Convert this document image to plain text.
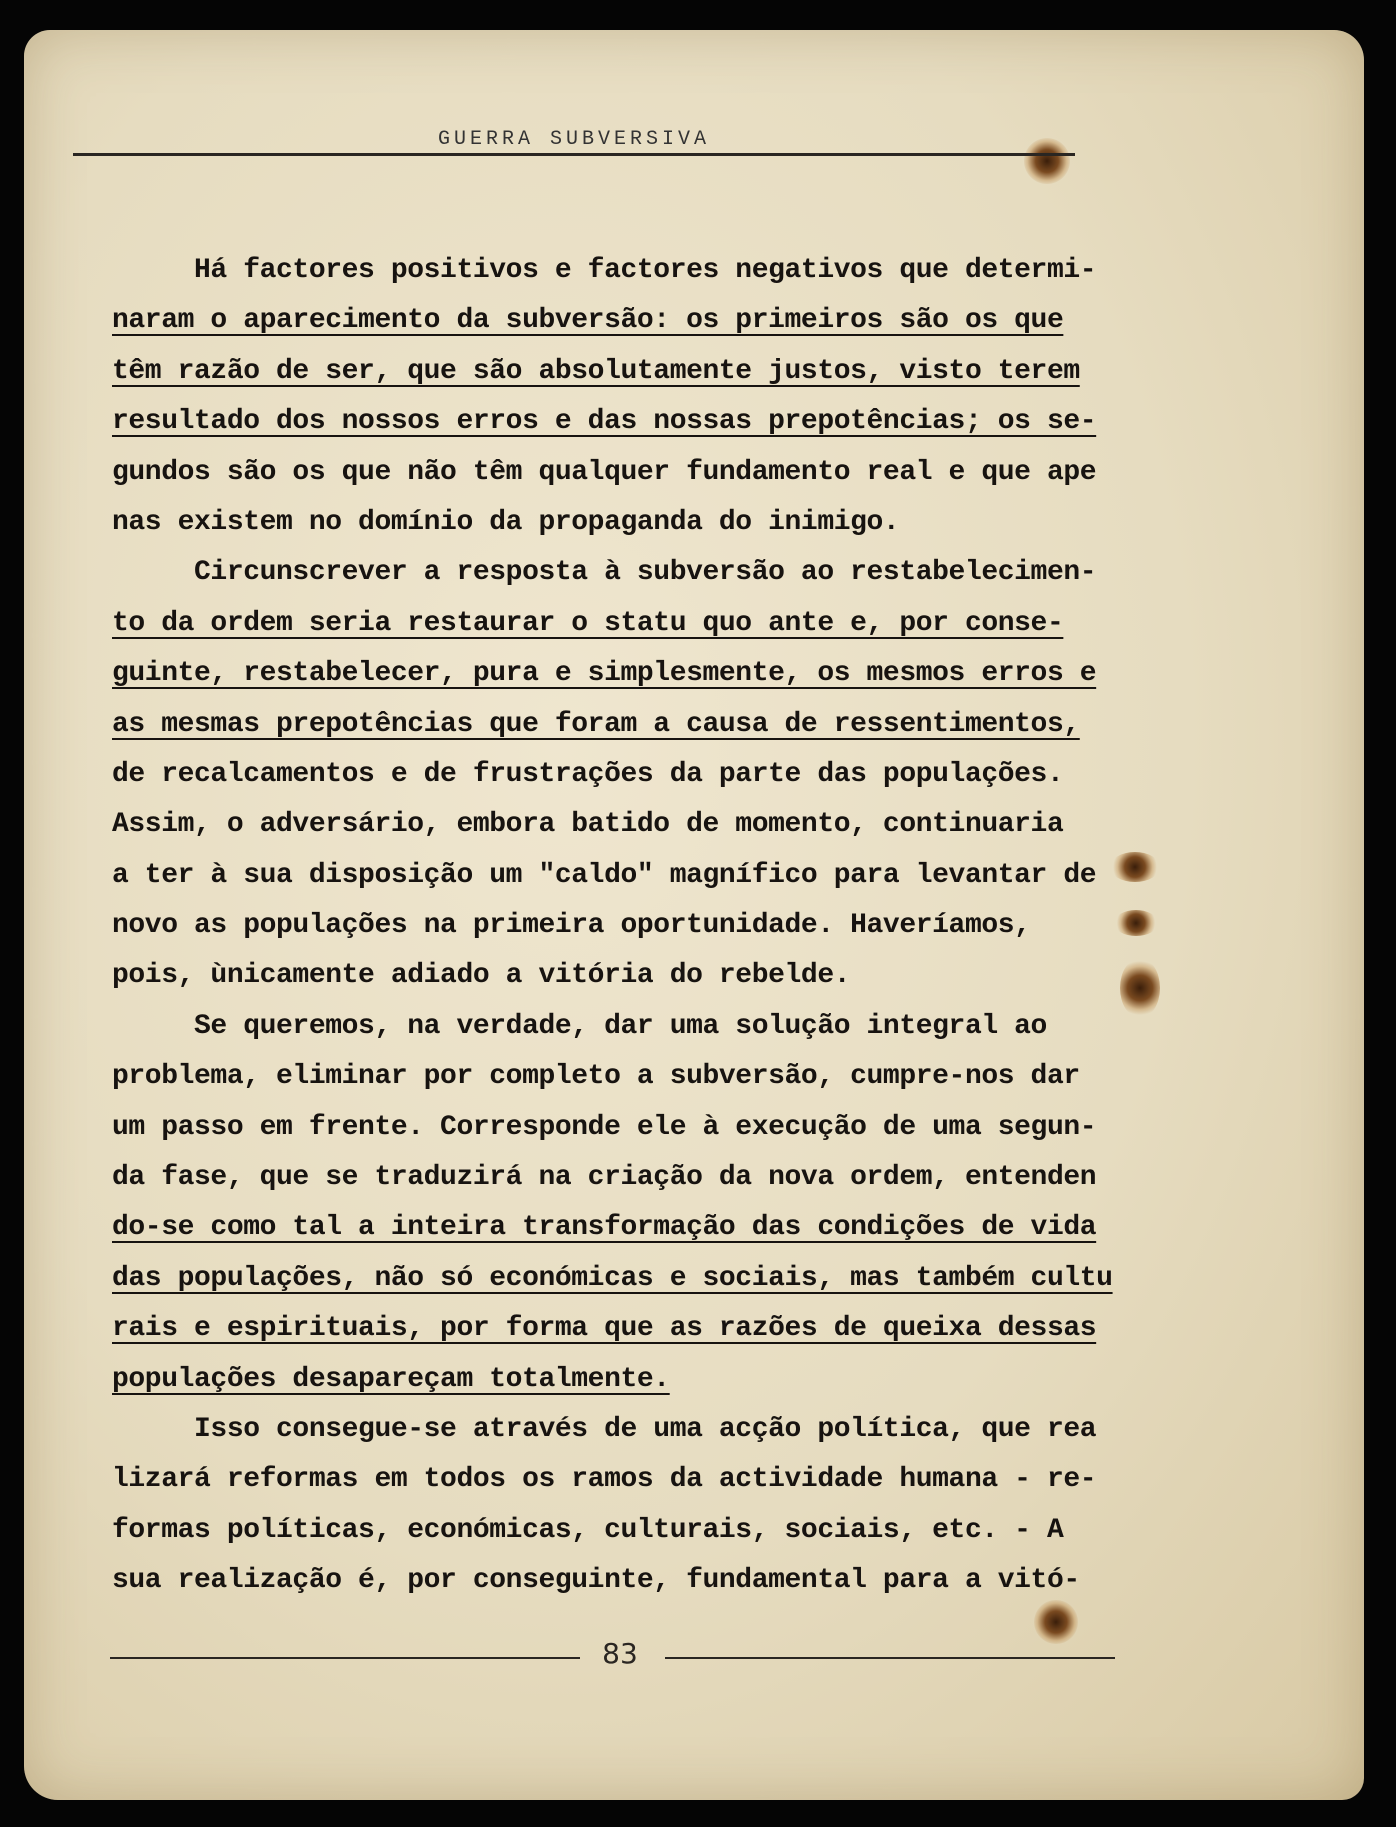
GUERRA SUBVERSIVA
Há factores positivos e factores negativos que determi-
naram o aparecimento da subversão: os primeiros são os que
têm razão de ser, que são absolutamente justos, visto terem
resultado dos nossos erros e das nossas prepotências; os se-
gundos são os que não têm qualquer fundamento real e que ape
nas existem no domínio da propaganda do inimigo.
Circunscrever a resposta à subversão ao restabelecimen-
to da ordem seria restaurar o statu quo ante e, por conse-
guinte, restabelecer, pura e simplesmente, os mesmos erros e
as mesmas prepotências que foram a causa de ressentimentos,
de recalcamentos e de frustrações da parte das populações.
Assim, o adversário, embora batido de momento, continuaria
a ter à sua disposição um "caldo" magnífico para levantar de
novo as populações na primeira oportunidade. Haveríamos,
pois, ùnicamente adiado a vitória do rebelde.
Se queremos, na verdade, dar uma solução integral ao
problema, eliminar por completo a subversão, cumpre-nos dar
um passo em frente. Corresponde ele à execução de uma segun-
da fase, que se traduzirá na criação da nova ordem, entenden
do-se como tal a inteira transformação das condições de vida
das populações, não só económicas e sociais, mas também cultu
rais e espirituais, por forma que as razões de queixa dessas
populações desapareçam totalmente.
Isso consegue-se através de uma acção política, que rea
lizará reformas em todos os ramos da actividade humana - re-
formas políticas, económicas, culturais, sociais, etc. - A
sua realização é, por conseguinte, fundamental para a vitó-
83
